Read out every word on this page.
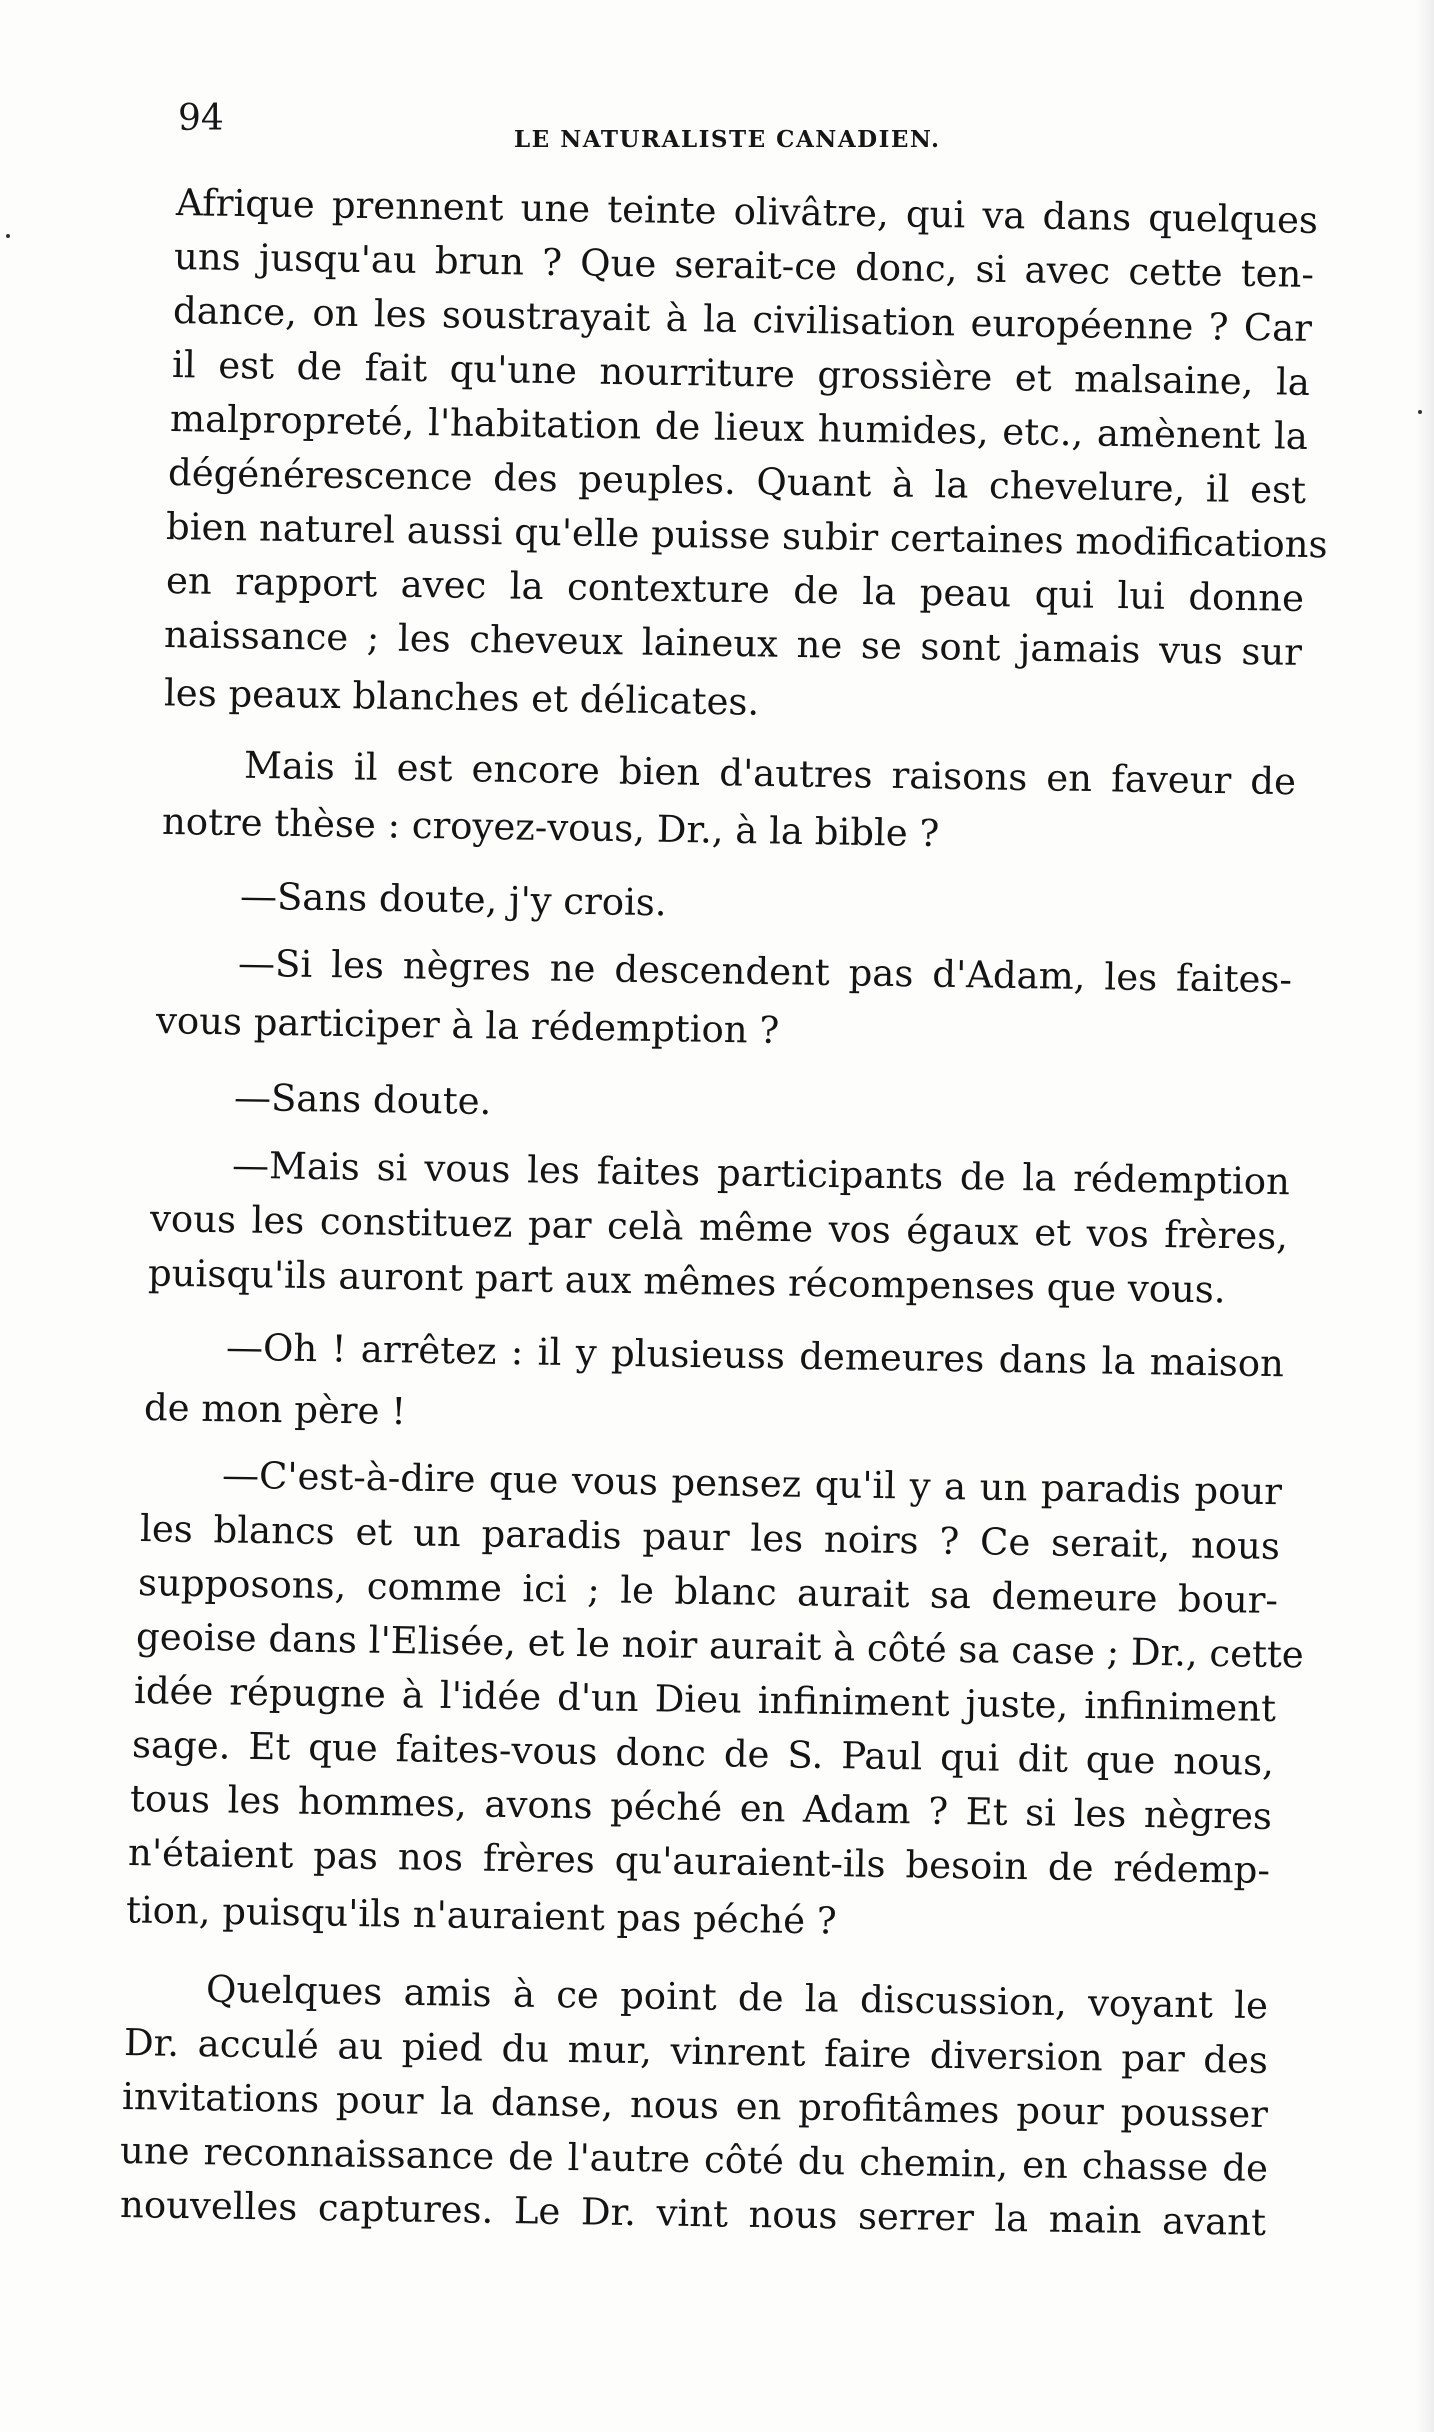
94
LE NATURALISTE CANADIEN.
Afrique prennent une teinte olivâtre, qui va dans quelques
uns jusqu'au brun ? Que serait-ce donc, si avec cette ten-
dance, on les soustrayait à la civilisation européenne ? Car
il est de fait qu'une nourriture grossière et malsaine, la
malpropreté, l'habitation de lieux humides, etc., amènent la
dégénérescence des peuples. Quant à la chevelure, il est
bien naturel aussi qu'elle puisse subir certaines modifications
en rapport avec la contexture de la peau qui lui donne
naissance ; les cheveux laineux ne se sont jamais vus sur
les peaux blanches et délicates.
Mais il est encore bien d'autres raisons en faveur de
notre thèse : croyez-vous, Dr., à la bible ?
—Sans doute, j'y crois.
—Si les nègres ne descendent pas d'Adam, les faites-
vous participer à la rédemption ?
—Sans doute.
—Mais si vous les faites participants de la rédemption
vous les constituez par celà même vos égaux et vos frères,
puisqu'ils auront part aux mêmes récompenses que vous.
—Oh ! arrêtez : il y plusieuss demeures dans la maison
de mon père !
—C'est-à-dire que vous pensez qu'il y a un paradis pour
les blancs et un paradis paur les noirs ? Ce serait, nous
supposons, comme ici ; le blanc aurait sa demeure bour-
geoise dans l'Elisée, et le noir aurait à côté sa case ; Dr., cette
idée répugne à l'idée d'un Dieu infiniment juste, infiniment
sage. Et que faites-vous donc de S. Paul qui dit que nous,
tous les hommes, avons péché en Adam ? Et si les nègres
n'étaient pas nos frères qu'auraient-ils besoin de rédemp-
tion, puisqu'ils n'auraient pas péché ?
Quelques amis à ce point de la discussion, voyant le
Dr. acculé au pied du mur, vinrent faire diversion par des
invitations pour la danse, nous en profitâmes pour pousser
une reconnaissance de l'autre côté du chemin, en chasse de
nouvelles captures. Le Dr. vint nous serrer la main avant
